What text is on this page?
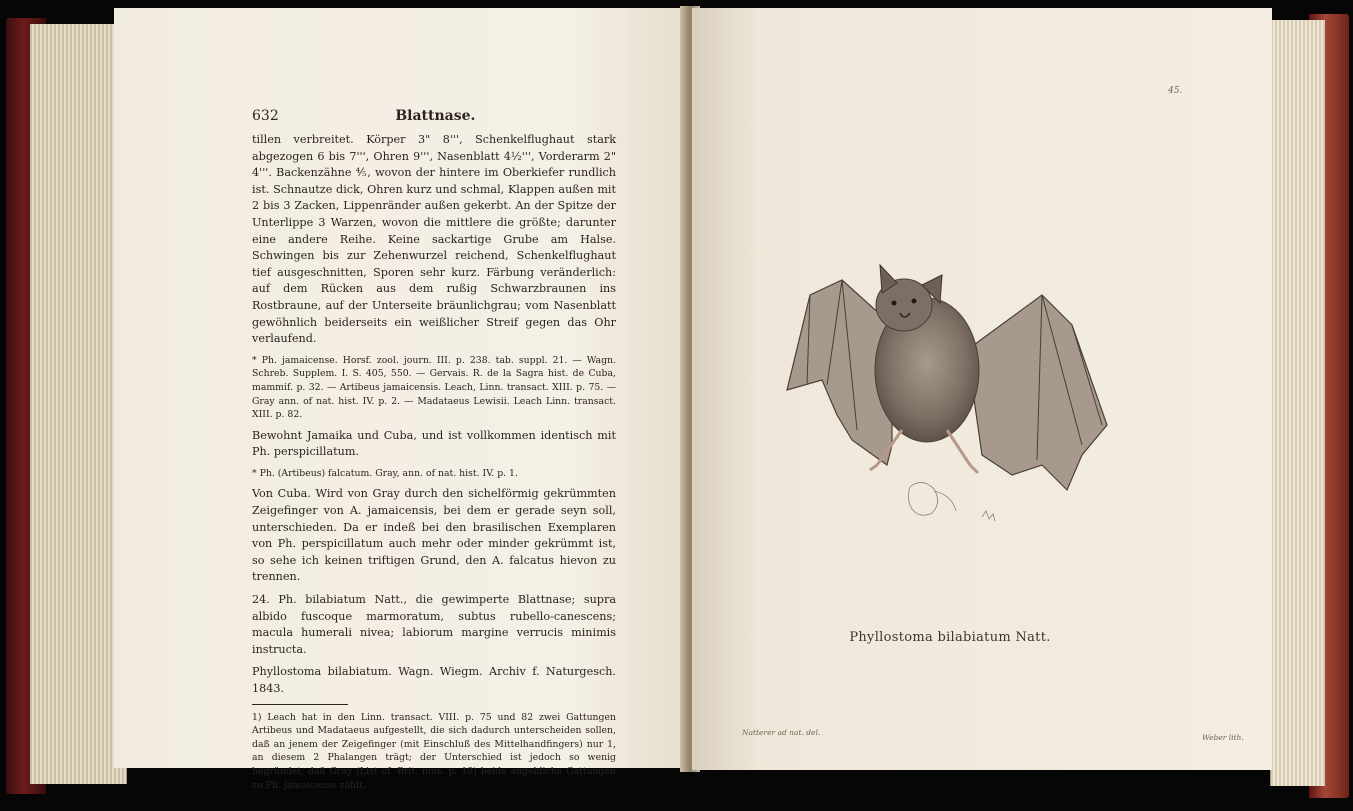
632	Blattnase.

tillen verbreitet. Körper 3" 8''', Schenkelflughaut stark abgezogen 6 bis 7''', Ohren 9''', Nasenblatt 4½''', Vorderarm 2" 4'''. Backenzähne ⅘, wovon der hintere im Oberkiefer rundlich ist. Schnautze dick, Ohren kurz und schmal, Klappen außen mit 2 bis 3 Zacken, Lippenränder außen gekerbt. An der Spitze der Unterlippe 3 Warzen, wovon die mittlere die größte; darunter eine andere Reihe. Keine sackartige Grube am Halse. Schwingen bis zur Zehenwurzel reichend, Schenkelflughaut tief ausgeschnitten, Sporen sehr kurz. Färbung veränderlich: auf dem Rücken aus dem rußig Schwarzbraunen ins Rostbraune, auf der Unterseite bräunlichgrau; vom Nasenblatt gewöhnlich beiderseits ein weißlicher Streif gegen das Ohr verlaufend.

* Ph. jamaicense. Horsf. zool. journ. III. p. 238. tab. suppl. 21. — Wagn. Schreb. Supplem. I. S. 405, 550. — Gervais. R. de la Sagra hist. de Cuba, mammif. p. 32. — Artibeus jamaicensis. Leach, Linn. transact. XIII. p. 75. — Gray ann. of nat. hist. IV. p. 2. — Madataeus Lewisii. Leach Linn. transact. XIII. p. 82.

Bewohnt Jamaika und Cuba, und ist vollkommen identisch mit Ph. perspicillatum.

* Ph. (Artibeus) falcatum. Gray, ann. of nat. hist. IV. p. 1.

Von Cuba. Wird von Gray durch den sichelförmig gekrümmten Zeigefinger von A. jamaicensis, bei dem er gerade seyn soll, unterschieden. Da er indeß bei den brasilischen Exemplaren von Ph. perspicillatum auch mehr oder minder gekrümmt ist, so sehe ich keinen triftigen Grund, den A. falcatus hievon zu trennen.

24. Ph. bilabiatum Natt., die gewimperte Blattnase; supra albido fuscoque marmoratum, subtus rubello-canescens; macula humerali nivea; labiorum margine verrucis minimis instructa.

Phyllostoma bilabiatum. Wagn. Wiegm. Archiv f. Naturgesch. 1843.

1) Leach hat in den Linn. transact. VIII. p. 75 und 82 zwei Gattungen Artibeus und Madataeus aufgestellt, die sich dadurch unterscheiden sollen, daß an jenem der Zeigefinger (mit Einschluß des Mittelhandfingers) nur 1, an diesem 2 Phalangen trägt; der Unterschied ist jedoch so wenig begründet, daß Gray (List of. Brit. mus. p. 18) beide angebliche Gattungen zu Ph. jamaicense zählt.

45.
Phyllostoma bilabiatum Natt.
Natterer ad nat. del.
Weber lith.
